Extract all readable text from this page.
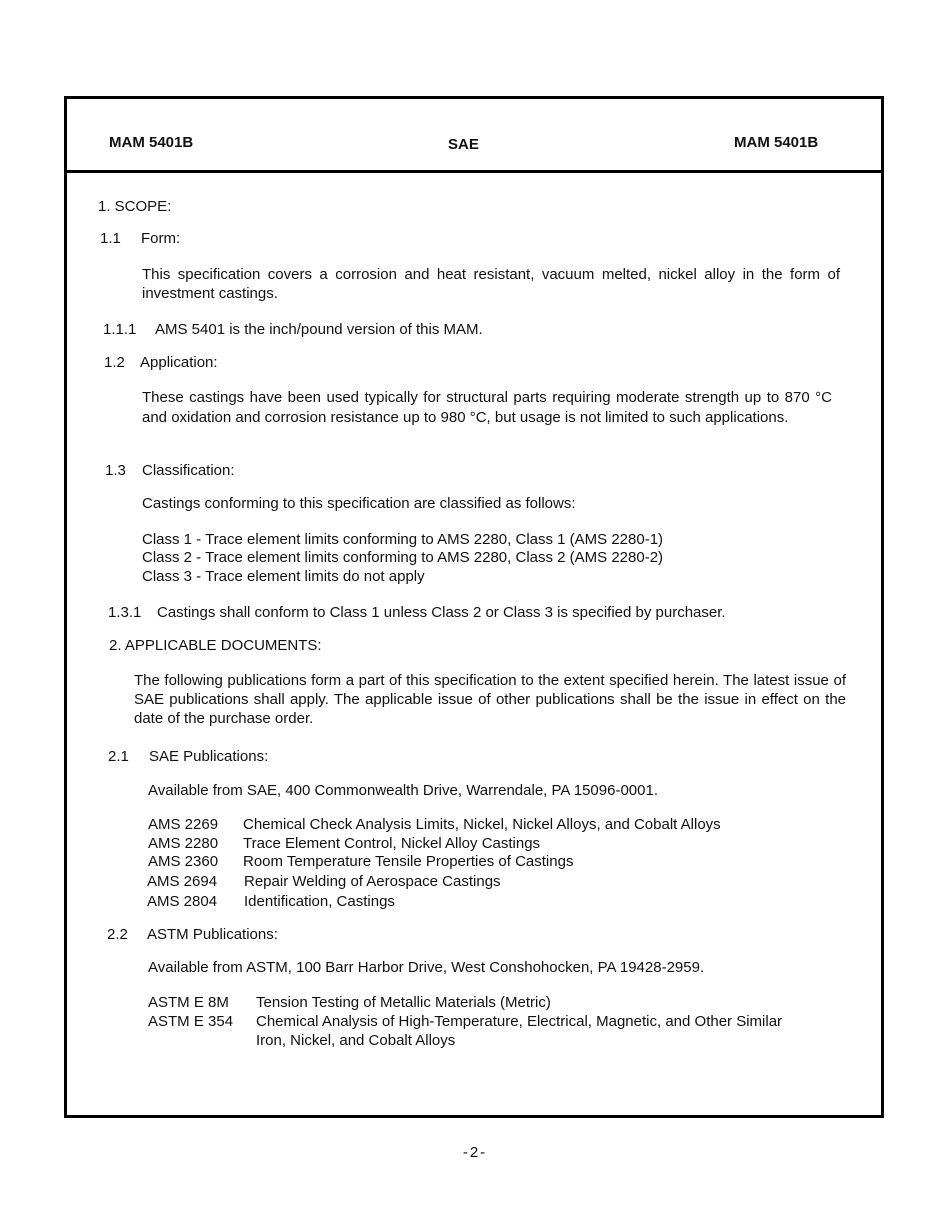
MAM 5401B	SAE	MAM 5401B
1. SCOPE:
1.1 Form:
This specification covers a corrosion and heat resistant, vacuum melted, nickel alloy in the form of investment castings.
1.1.1 AMS 5401 is the inch/pound version of this MAM.
1.2 Application:
These castings have been used typically for structural parts requiring moderate strength up to 870 °C and oxidation and corrosion resistance up to 980 °C, but usage is not limited to such applications.
1.3 Classification:
Castings conforming to this specification are classified as follows:
Class 1 - Trace element limits conforming to AMS 2280, Class 1 (AMS 2280-1)
Class 2 - Trace element limits conforming to AMS 2280, Class 2 (AMS 2280-2)
Class 3 - Trace element limits do not apply
1.3.1 Castings shall conform to Class 1 unless Class 2 or Class 3 is specified by purchaser.
2. APPLICABLE DOCUMENTS:
The following publications form a part of this specification to the extent specified herein. The latest issue of SAE publications shall apply. The applicable issue of other publications shall be the issue in effect on the date of the purchase order.
2.1 SAE Publications:
Available from SAE, 400 Commonwealth Drive, Warrendale, PA 15096-0001.
AMS 2269 Chemical Check Analysis Limits, Nickel, Nickel Alloys, and Cobalt Alloys
AMS 2280 Trace Element Control, Nickel Alloy Castings
AMS 2360 Room Temperature Tensile Properties of Castings
AMS 2694 Repair Welding of Aerospace Castings
AMS 2804 Identification, Castings
2.2 ASTM Publications:
Available from ASTM, 100 Barr Harbor Drive, West Conshohocken, PA 19428-2959.
ASTM E 8M Tension Testing of Metallic Materials (Metric)
ASTM E 354 Chemical Analysis of High-Temperature, Electrical, Magnetic, and Other Similar
Iron, Nickel, and Cobalt Alloys
-2-
